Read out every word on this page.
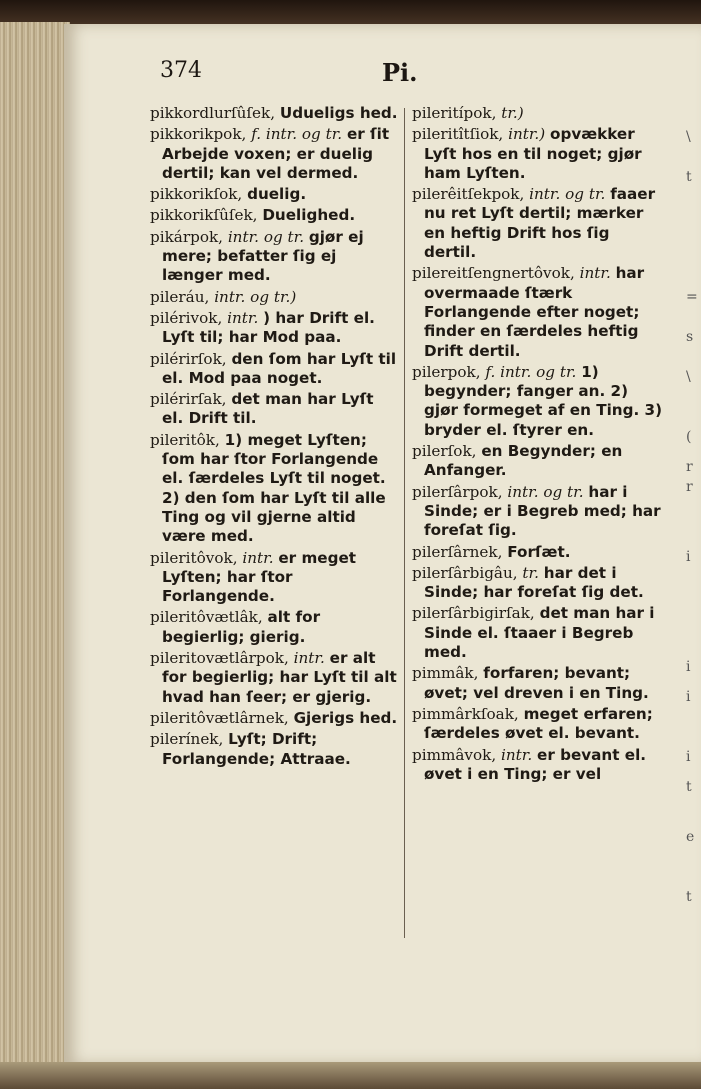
374	Pi.
pikkordlurſûſek, Udueligs hed.
pikkorikpok, f. intr. og tr. er ſit Arbejde voxen; er duelig dertil; kan vel dermed.
pikkorikſok, duelig.
pikkorikſûſek, Duelighed.
pikárpok, intr. og tr. gjør ej mere; befatter ſig ej længer med.
pileráu, intr. og tr.)
pilérivok, intr. ) har Drift el. Lyſt til; har Mod paa.
pilérirſok, den ſom har Lyſt til el. Mod paa noget.
pilérirſak, det man har Lyſt el. Drift til.
pileritôk, 1) meget Lyſten; ſom har ſtor Forlangende el. ſærdeles Lyſt til noget. 2) den ſom har Lyſt til alle Ting og vil gjerne altid være med.
pileritôvok, intr. er meget Lyſten; har ſtor Forlangende.
pileritôvætlâk, alt for begierlig; gierig.
pileritovætlârpok, intr. er alt for begierlig; har Lyſt til alt hvad han ſeer; er gjerig.
pileritôvætlârnek, Gjerigs hed.
pilerínek, Lyſt; Drift; Forlangende; Attraae.
pileritípok, tr.)
pileritîtſiok, intr.) opvækker Lyſt hos en til noget; gjør ham Lyſten.
pilerêitſekpok, intr. og tr. faaer nu ret Lyſt dertil; mærker en heftig Drift hos ſig dertil.
pilereitſengnertôvok, intr. har overmaade ſtærk Forlangende efter noget; finder en ſærdeles heftig Drift dertil.
pilerpok, f. intr. og tr. 1) begynder; fanger an. 2) gjør formeget af en Ting. 3) bryder el. ſtyrer en.
pilerſok, en Begynder; en Anfanger.
pilerſârpok, intr. og tr. har i Sinde; er i Begreb med; har foreſat ſig.
pilerſârnek, Forſæt.
pilerſârbigâu, tr. har det i Sinde; har foreſat ſig det.
pilerſârbigirſak, det man har i Sinde el. ſtaaer i Begreb med.
pimmâk, forfaren; bevant; øvet; vel dreven i en Ting.
pimmârkſoak, meget erfaren; ſærdeles øvet el. bevant.
pimmâvok, intr. er bevant el. øvet i en Ting; er vel
\
t
=
s
\
(
r
r
i
i
i
i
t
e
t
